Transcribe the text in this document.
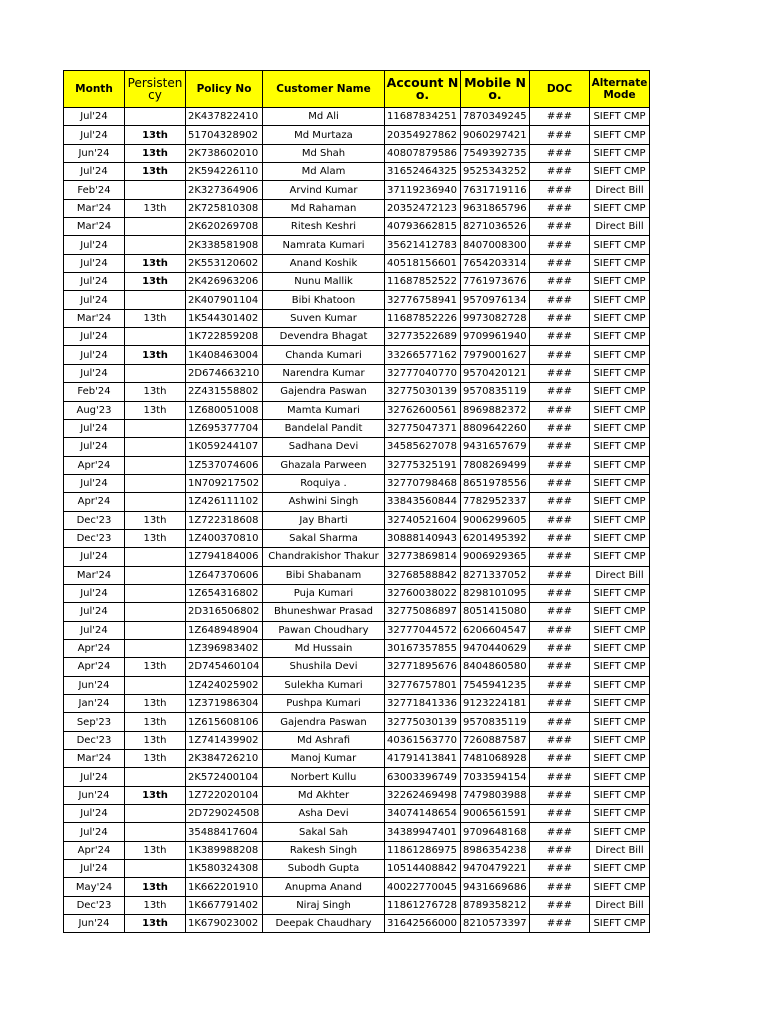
Month	Persistency	Policy No	Customer Name	Account No.	Mobile No.	DOC	Alternate Mode
Jul'24		2K437822410	Md Ali	11687834251	7870349245	###	SIEFT CMP
Jul'24	13th	51704328902	Md Murtaza	20354927862	9060297421	###	SIEFT CMP
Jun'24	13th	2K738602010	Md Shah	40807879586	7549392735	###	SIEFT CMP
Jul'24	13th	2K594226110	Md Alam	31652464325	9525343252	###	SIEFT CMP
Feb'24		2K327364906	Arvind Kumar	37119236940	7631719116	###	Direct Bill
Mar'24	13th	2K725810308	Md Rahaman	20352472123	9631865796	###	SIEFT CMP
Mar'24		2K620269708	Ritesh Keshri	40793662815	8271036526	###	Direct Bill
Jul'24		2K338581908	Namrata Kumari	35621412783	8407008300	###	SIEFT CMP
Jul'24	13th	2K553120602	Anand Koshik	40518156601	7654203314	###	SIEFT CMP
Jul'24	13th	2K426963206	Nunu Mallik	11687852522	7761973676	###	SIEFT CMP
Jul'24		2K407901104	Bibi Khatoon	32776758941	9570976134	###	SIEFT CMP
Mar'24	13th	1K544301402	Suven Kumar	11687852226	9973082728	###	SIEFT CMP
Jul'24		1K722859208	Devendra Bhagat	32773522689	9709961940	###	SIEFT CMP
Jul'24	13th	1K408463004	Chanda Kumari	33266577162	7979001627	###	SIEFT CMP
Jul'24		2D674663210	Narendra Kumar	32777040770	9570420121	###	SIEFT CMP
Feb'24	13th	2Z431558802	Gajendra Paswan	32775030139	9570835119	###	SIEFT CMP
Aug'23	13th	1Z680051008	Mamta Kumari	32762600561	8969882372	###	SIEFT CMP
Jul'24		1Z695377704	Bandelal Pandit	32775047371	8809642260	###	SIEFT CMP
Jul'24		1K059244107	Sadhana Devi	34585627078	9431657679	###	SIEFT CMP
Apr'24		1Z537074606	Ghazala Parween	32775325191	7808269499	###	SIEFT CMP
Jul'24		1N709217502	Roquiya .	32770798468	8651978556	###	SIEFT CMP
Apr'24		1Z426111102	Ashwini Singh	33843560844	7782952337	###	SIEFT CMP
Dec'23	13th	1Z722318608	Jay Bharti	32740521604	9006299605	###	SIEFT CMP
Dec'23	13th	1Z400370810	Sakal Sharma	30888140943	6201495392	###	SIEFT CMP
Jul'24		1Z794184006	Chandrakishor Thakur	32773869814	9006929365	###	SIEFT CMP
Mar'24		1Z647370606	Bibi Shabanam	32768588842	8271337052	###	Direct Bill
Jul'24		1Z654316802	Puja Kumari	32760038022	8298101095	###	SIEFT CMP
Jul'24		2D316506802	Bhuneshwar Prasad	32775086897	8051415080	###	SIEFT CMP
Jul'24		1Z648948904	Pawan Choudhary	32777044572	6206604547	###	SIEFT CMP
Apr'24		1Z396983402	Md Hussain	30167357855	9470440629	###	SIEFT CMP
Apr'24	13th	2D745460104	Shushila Devi	32771895676	8404860580	###	SIEFT CMP
Jun'24		1Z424025902	Sulekha Kumari	32776757801	7545941235	###	SIEFT CMP
Jan'24	13th	1Z371986304	Pushpa Kumari	32771841336	9123224181	###	SIEFT CMP
Sep'23	13th	1Z615608106	Gajendra Paswan	32775030139	9570835119	###	SIEFT CMP
Dec'23	13th	1Z741439902	Md Ashrafi	40361563770	7260887587	###	SIEFT CMP
Mar'24	13th	2K384726210	Manoj Kumar	41791413841	7481068928	###	SIEFT CMP
Jul'24		2K572400104	Norbert Kullu	63003396749	7033594154	###	SIEFT CMP
Jun'24	13th	1Z722020104	Md Akhter	32262469498	7479803988	###	SIEFT CMP
Jul'24		2D729024508	Asha Devi	34074148654	9006561591	###	SIEFT CMP
Jul'24		35488417604	Sakal Sah	34389947401	9709648168	###	SIEFT CMP
Apr'24	13th	1K389988208	Rakesh Singh	11861286975	8986354238	###	Direct Bill
Jul'24		1K580324308	Subodh Gupta	10514408842	9470479221	###	SIEFT CMP
May'24	13th	1K662201910	Anupma Anand	40022770045	9431669686	###	SIEFT CMP
Dec'23	13th	1K667791402	Niraj Singh	11861276728	8789358212	###	Direct Bill
Jun'24	13th	1K679023002	Deepak Chaudhary	31642566000	8210573397	###	SIEFT CMP
